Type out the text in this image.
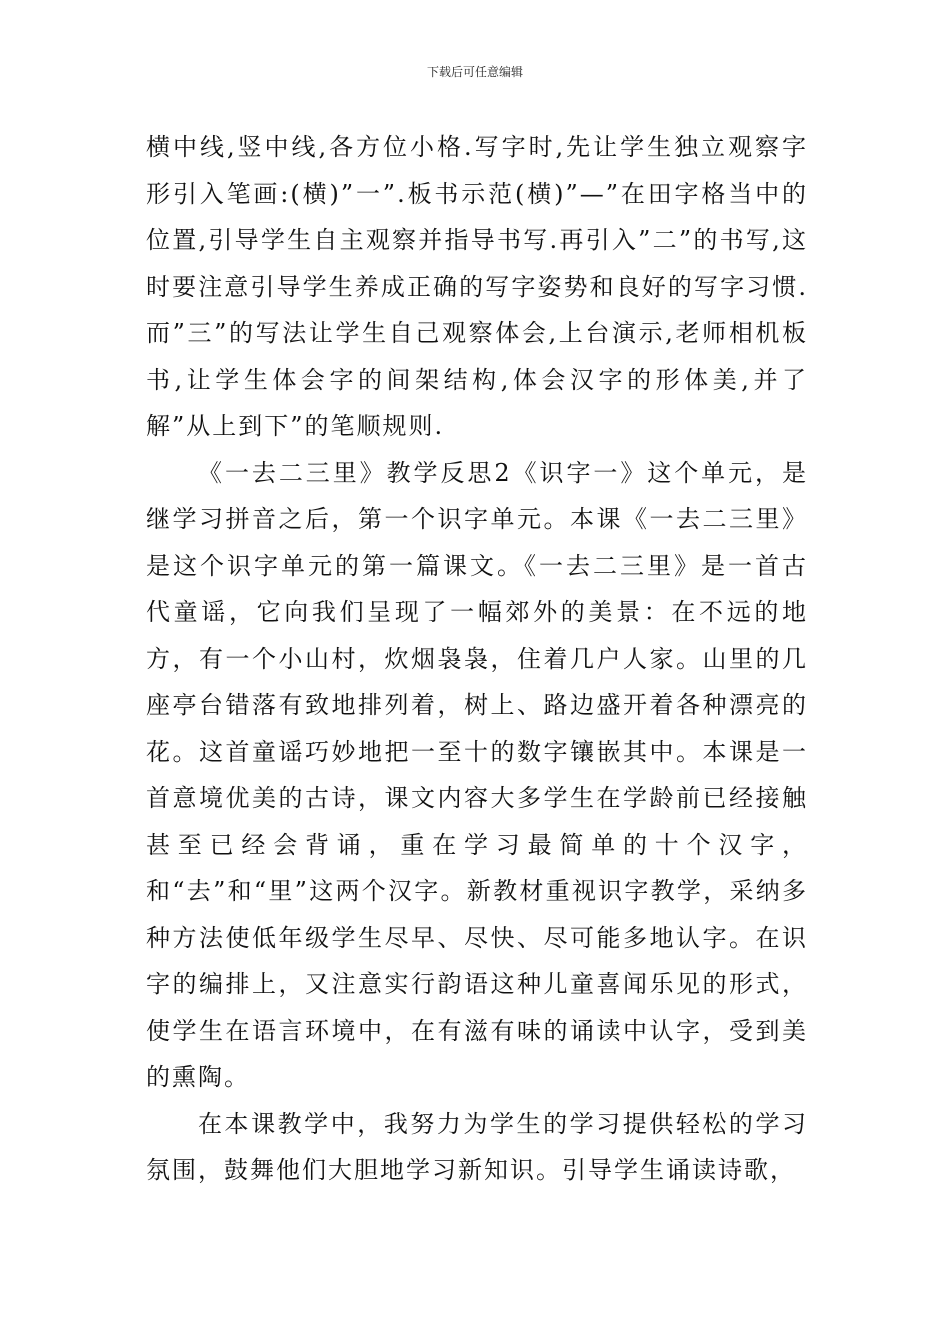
下载后可任意编辑

横中线,竖中线,各方位小格.写字时,先让学生独立观察字形引入笔画:(横)”一”.板书示范(横)”—”在田字格当中的位置,引导学生自主观察并指导书写.再引入”二”的书写,这时要注意引导学生养成正确的写字姿势和良好的写字习惯.而”三”的写法让学生自己观察体会,上台演示,老师相机板书,让学生体会字的间架结构,体会汉字的形体美,并了解”从上到下”的笔顺规则.

《一去二三里》教学反思2《识字一》这个单元，是继学习拼音之后，第一个识字单元。本课《一去二三里》是这个识字单元的第一篇课文。《一去二三里》是一首古代童谣，它向我们呈现了一幅郊外的美景：在不远的地方，有一个小山村，炊烟袅袅，住着几户人家。山里的几座亭台错落有致地排列着，树上、路边盛开着各种漂亮的花。这首童谣巧妙地把一至十的数字镶嵌其中。本课是一首意境优美的古诗，课文内容大多学生在学龄前已经接触甚至已经会背诵，重在学习最简单的十个汉字，和“去”和“里”这两个汉字。新教材重视识字教学，采纳多种方法使低年级学生尽早、尽快、尽可能多地认字。在识字的编排上，又注意实行韵语这种儿童喜闻乐见的形式，使学生在语言环境中，在有滋有味的诵读中认字，受到美的熏陶。

在本课教学中，我努力为学生的学习提供轻松的学习氛围，鼓舞他们大胆地学习新知识。引导学生诵读诗歌，
